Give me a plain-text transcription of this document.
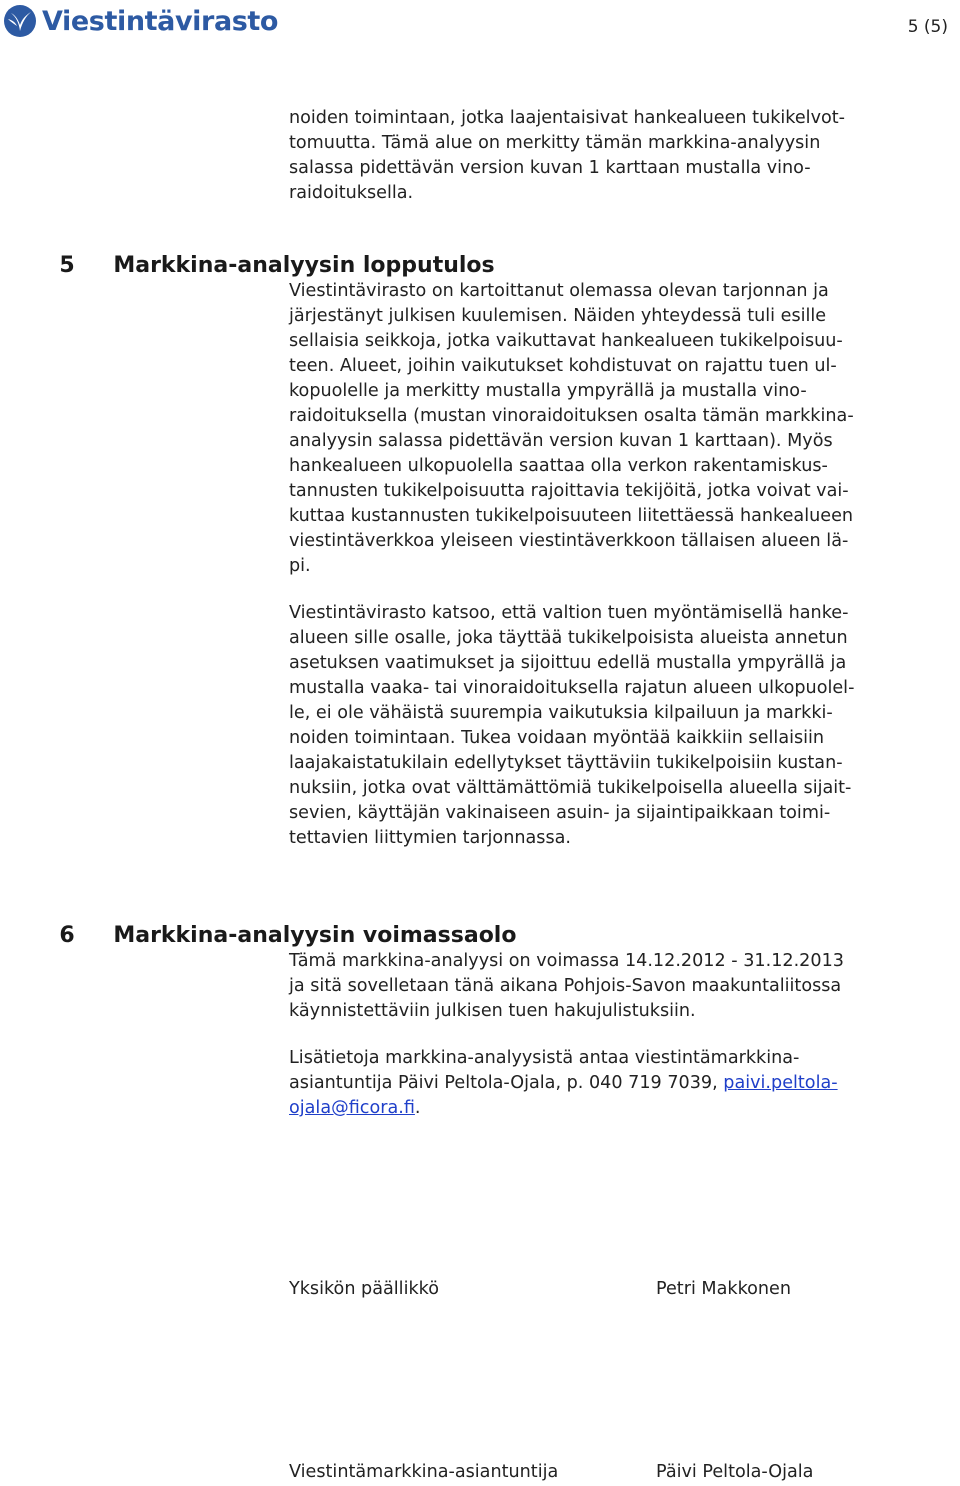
Viestintävirasto	5 (5)
noiden toimintaan, jotka laajentaisivat hankealueen tukikelvot-
tomuutta. Tämä alue on merkitty tämän markkina-analyysin
salassa pidettävän version kuvan 1 karttaan mustalla vino-
raidoituksella.

5 Markkina-analyysin lopputulos

Viestintävirasto on kartoittanut olemassa olevan tarjonnan ja
järjestänyt julkisen kuulemisen. Näiden yhteydessä tuli esille
sellaisia seikkoja, jotka vaikuttavat hankealueen tukikelpoisuu-
teen. Alueet, joihin vaikutukset kohdistuvat on rajattu tuen ul-
kopuolelle ja merkitty mustalla ympyrällä ja mustalla vino-
raidoituksella (mustan vinoraidoituksen osalta tämän markkina-
analyysin salassa pidettävän version kuvan 1 karttaan). Myös
hankealueen ulkopuolella saattaa olla verkon rakentamiskus-
tannusten tukikelpoisuutta rajoittavia tekijöitä, jotka voivat vai-
kuttaa kustannusten tukikelpoisuuteen liitettäessä hankealueen
viestintäverkkoa yleiseen viestintäverkkoon tällaisen alueen lä-
pi.
Viestintävirasto katsoo, että valtion tuen myöntämisellä hanke-
alueen sille osalle, joka täyttää tukikelpoisista alueista annetun
asetuksen vaatimukset ja sijoittuu edellä mustalla ympyrällä ja
mustalla vaaka- tai vinoraidoituksella rajatun alueen ulkopuolel-
le, ei ole vähäistä suurempia vaikutuksia kilpailuun ja markki-
noiden toimintaan. Tukea voidaan myöntää kaikkiin sellaisiin
laajakaistatukilain edellytykset täyttäviin tukikelpoisiin kustan-
nuksiin, jotka ovat välttämättömiä tukikelpoisella alueella sijait-
sevien, käyttäjän vakinaiseen asuin- ja sijaintipaikkaan toimi-
tettavien liittymien tarjonnassa.

6 Markkina-analyysin voimassaolo

Tämä markkina-analyysi on voimassa 14.12.2012 - 31.12.2013
ja sitä sovelletaan tänä aikana Pohjois-Savon maakuntaliitossa
käynnistettäviin julkisen tuen hakujulistuksiin.
Lisätietoja markkina-analyysistä antaa viestintämarkkina-
asiantuntija Päivi Peltola-Ojala, p. 040 719 7039, paivi.peltola-
ojala@ficora.fi.
Yksikön päällikkö	Petri Makkonen
Viestintämarkkina-asiantuntija	Päivi Peltola-Ojala
